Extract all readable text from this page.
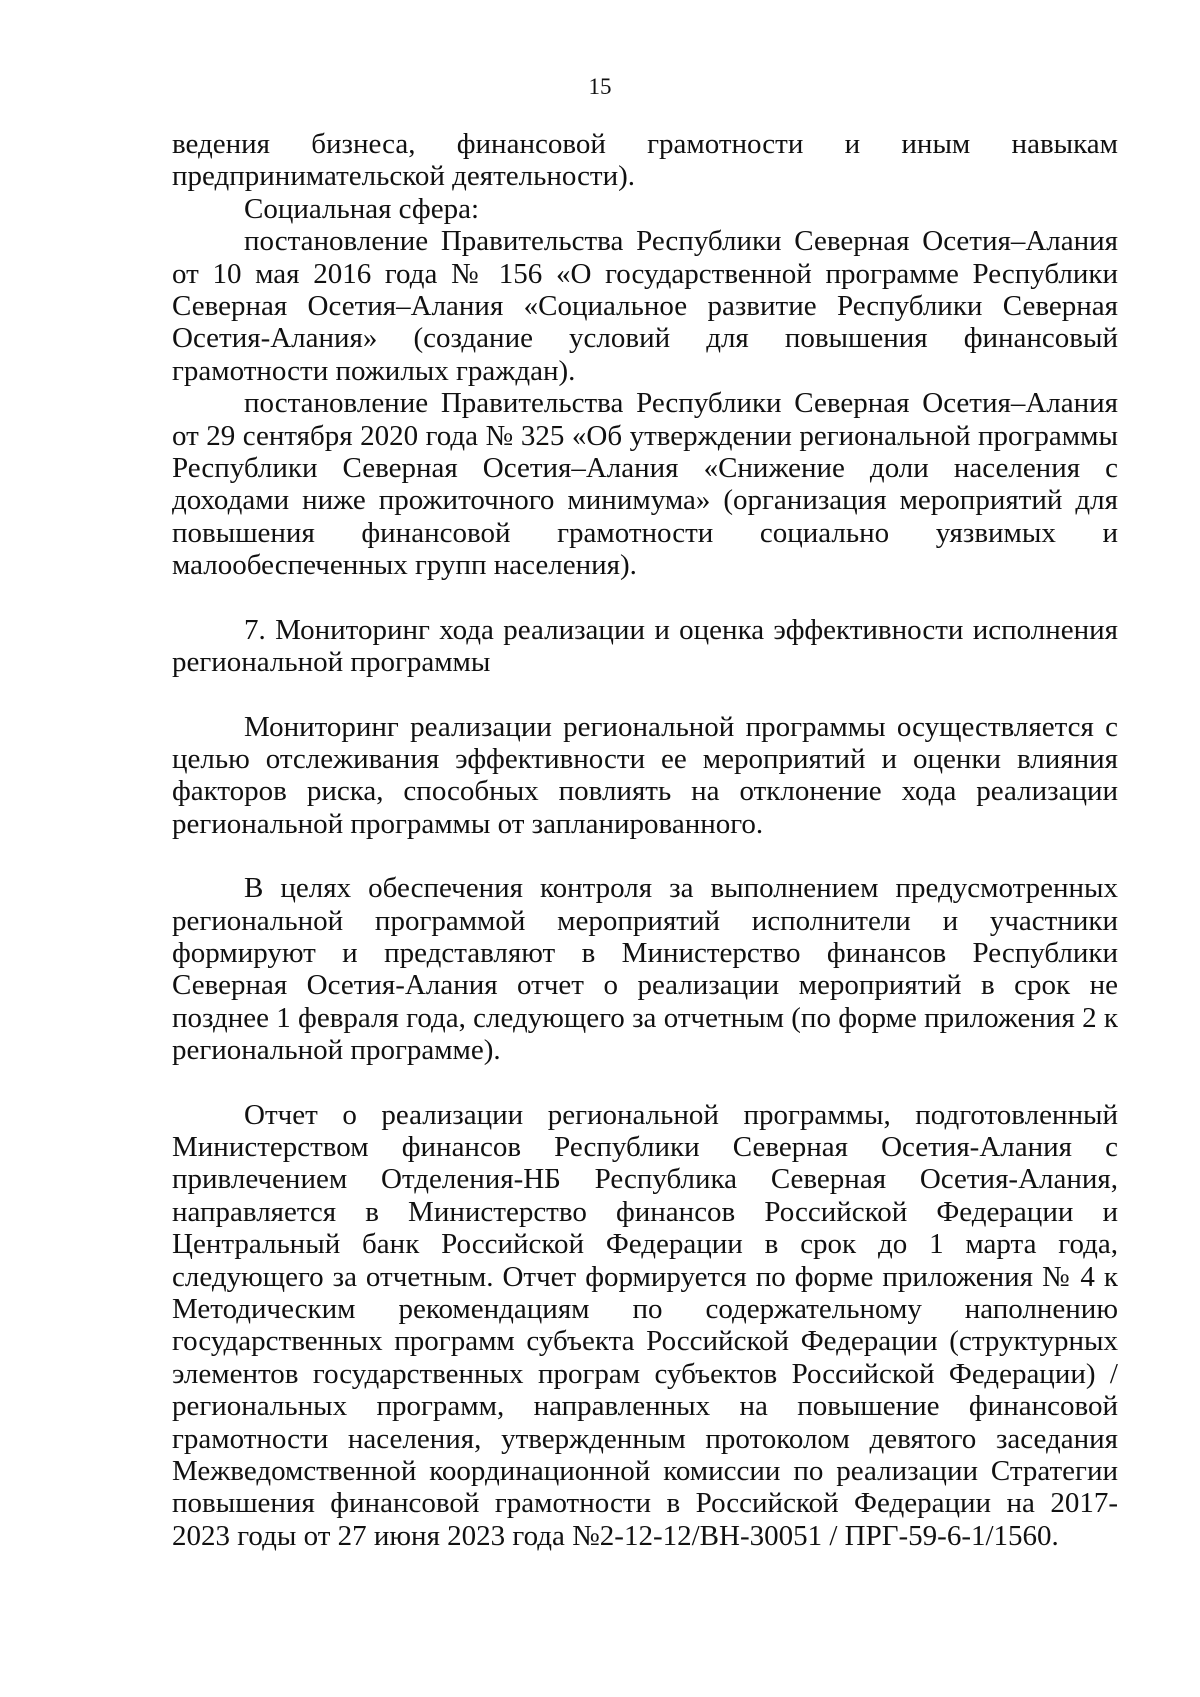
15

ведения бизнеса, финансовой грамотности и иным навыкам предпринимательской деятельности).

Социальная сфера:

постановление Правительства Республики Северная Осетия–Алания от 10 мая 2016 года № 156 «О государственной программе Республики Северная Осетия–Алания «Социальное развитие Республики Северная Осетия-Алания» (создание условий для повышения финансовый грамотности пожилых граждан).

постановление Правительства Республики Северная Осетия–Алания от 29 сентября 2020 года № 325 «Об утверждении региональной программы Республики Северная Осетия–Алания «Снижение доли населения с доходами ниже прожиточного минимума» (организация мероприятий для повышения финансовой грамотности социально уязвимых и малообеспеченных групп населения).

7. Мониторинг хода реализации и оценка эффективности исполнения региональной программы

Мониторинг реализации региональной программы осуществляется с целью отслеживания эффективности ее мероприятий и оценки влияния факторов риска, способных повлиять на отклонение хода реализации региональной программы от запланированного.

В целях обеспечения контроля за выполнением предусмотренных региональной программой мероприятий исполнители и участники формируют и представляют в Министерство финансов Республики Северная Осетия-Алания отчет о реализации мероприятий в срок не позднее 1 февраля года, следующего за отчетным (по форме приложения 2 к региональной программе).

Отчет о реализации региональной программы, подготовленный Министерством финансов Республики Северная Осетия-Алания с привлечением Отделения-НБ Республика Северная Осетия-Алания, направляется в Министерство финансов Российской Федерации и Центральный банк Российской Федерации в срок до 1 марта года, следующего за отчетным. Отчет формируется по форме приложения № 4 к Методическим рекомендациям по содержательному наполнению государственных программ субъекта Российской Федерации (структурных элементов государственных програм субъектов Российской Федерации) / региональных программ, направленных на повышение финансовой грамотности населения, утвержденным протоколом девятого заседания Межведомственной координационной комиссии по реализации Стратегии повышения финансовой грамотности в Российской Федерации на 2017-2023 годы от 27 июня 2023 года №2-12-12/ВН-30051 / ПРГ-59-6-1/1560.
